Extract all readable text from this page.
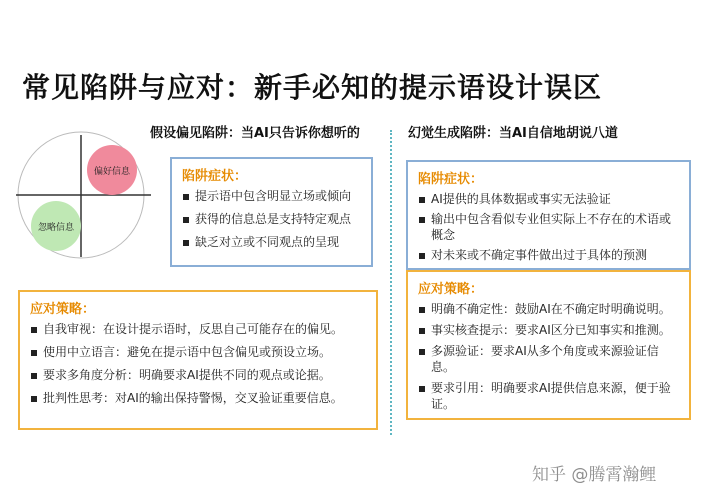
常见陷阱与应对：新手必知的提示语设计误区
偏好信息
忽略信息
假设偏见陷阱：当AI只告诉你想听的
陷阱症状：
提示语中包含明显立场或倾向
获得的信息总是支持特定观点
缺乏对立或不同观点的呈现
应对策略：
自我审视：在设计提示语时，反思自己可能存在的偏见。
使用中立语言：避免在提示语中包含偏见或预设立场。
要求多角度分析：明确要求AI提供不同的观点或论据。
批判性思考：对AI的输出保持警惕，交叉验证重要信息。
幻觉生成陷阱：当AI自信地胡说八道
陷阱症状：
AI提供的具体数据或事实无法验证
输出中包含看似专业但实际上不存在的术语或概念
对未来或不确定事件做出过于具体的预测
应对策略：
明确不确定性：鼓励AI在不确定时明确说明。
事实核查提示：要求AI区分已知事实和推测。
多源验证：要求AI从多个角度或来源验证信息。
要求引用：明确要求AI提供信息来源，便于验证。
知乎 @腾霄瀚鲤
